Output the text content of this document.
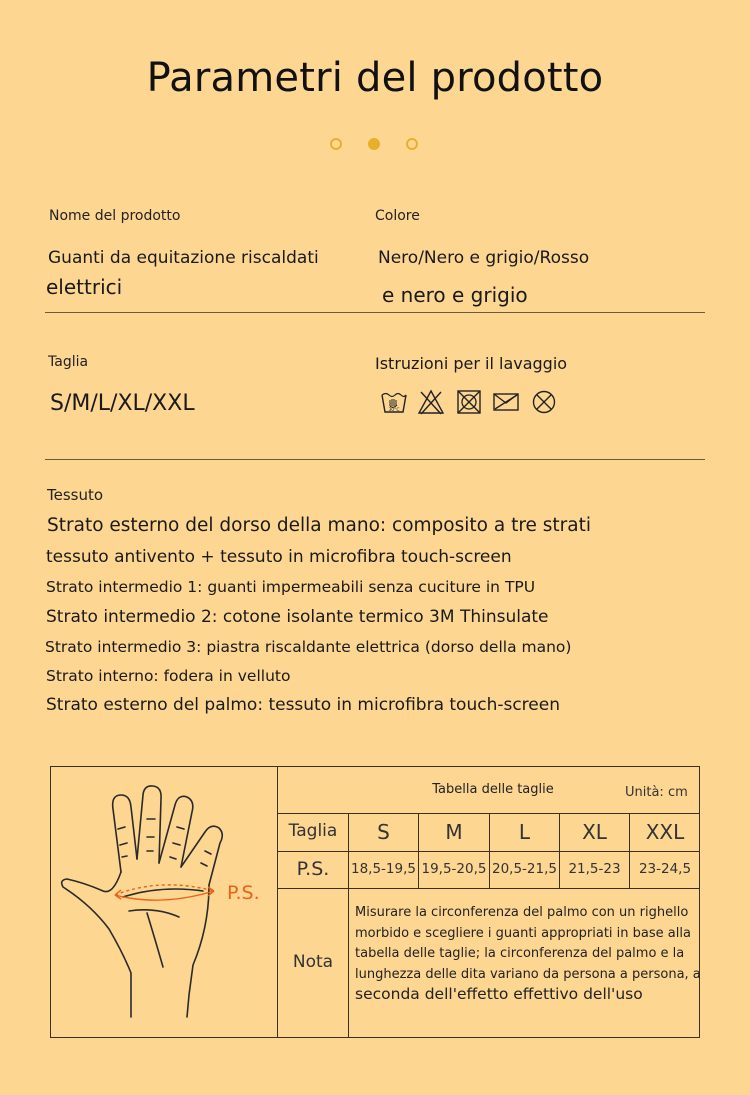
Parametri del prodotto
Nome del prodotto
Guanti da equitazione riscaldati
elettrici
Colore
Nero/Nero e grigio/Rosso
e nero e grigio
Taglia
S/M/L/XL/XXL
Istruzioni per il lavaggio
30°C
Tessuto
Strato esterno del dorso della mano: composito a tre strati
tessuto antivento + tessuto in microfibra touch-screen
Strato intermedio 1: guanti impermeabili senza cuciture in TPU
Strato intermedio 2: cotone isolante termico 3M Thinsulate
Strato intermedio 3: piastra riscaldante elettrica (dorso della mano)
Strato interno: fodera in velluto
Strato esterno del palmo: tessuto in microfibra touch-screen
Tabella delle taglie	Unità: cm
Taglia	S	M	L	XL	XXL
P.S.	18,5-19,5 19,5-20,5 20,5-21,5 21,5-23	23-24,5
Nota
Misurare la circonferenza del palmo con un righello
morbido e scegliere i guanti appropriati in base alla
tabella delle taglie; la circonferenza del palmo e la
lunghezza delle dita variano da persona a persona, a
seconda dell'effetto effettivo dell'uso
P.S.
